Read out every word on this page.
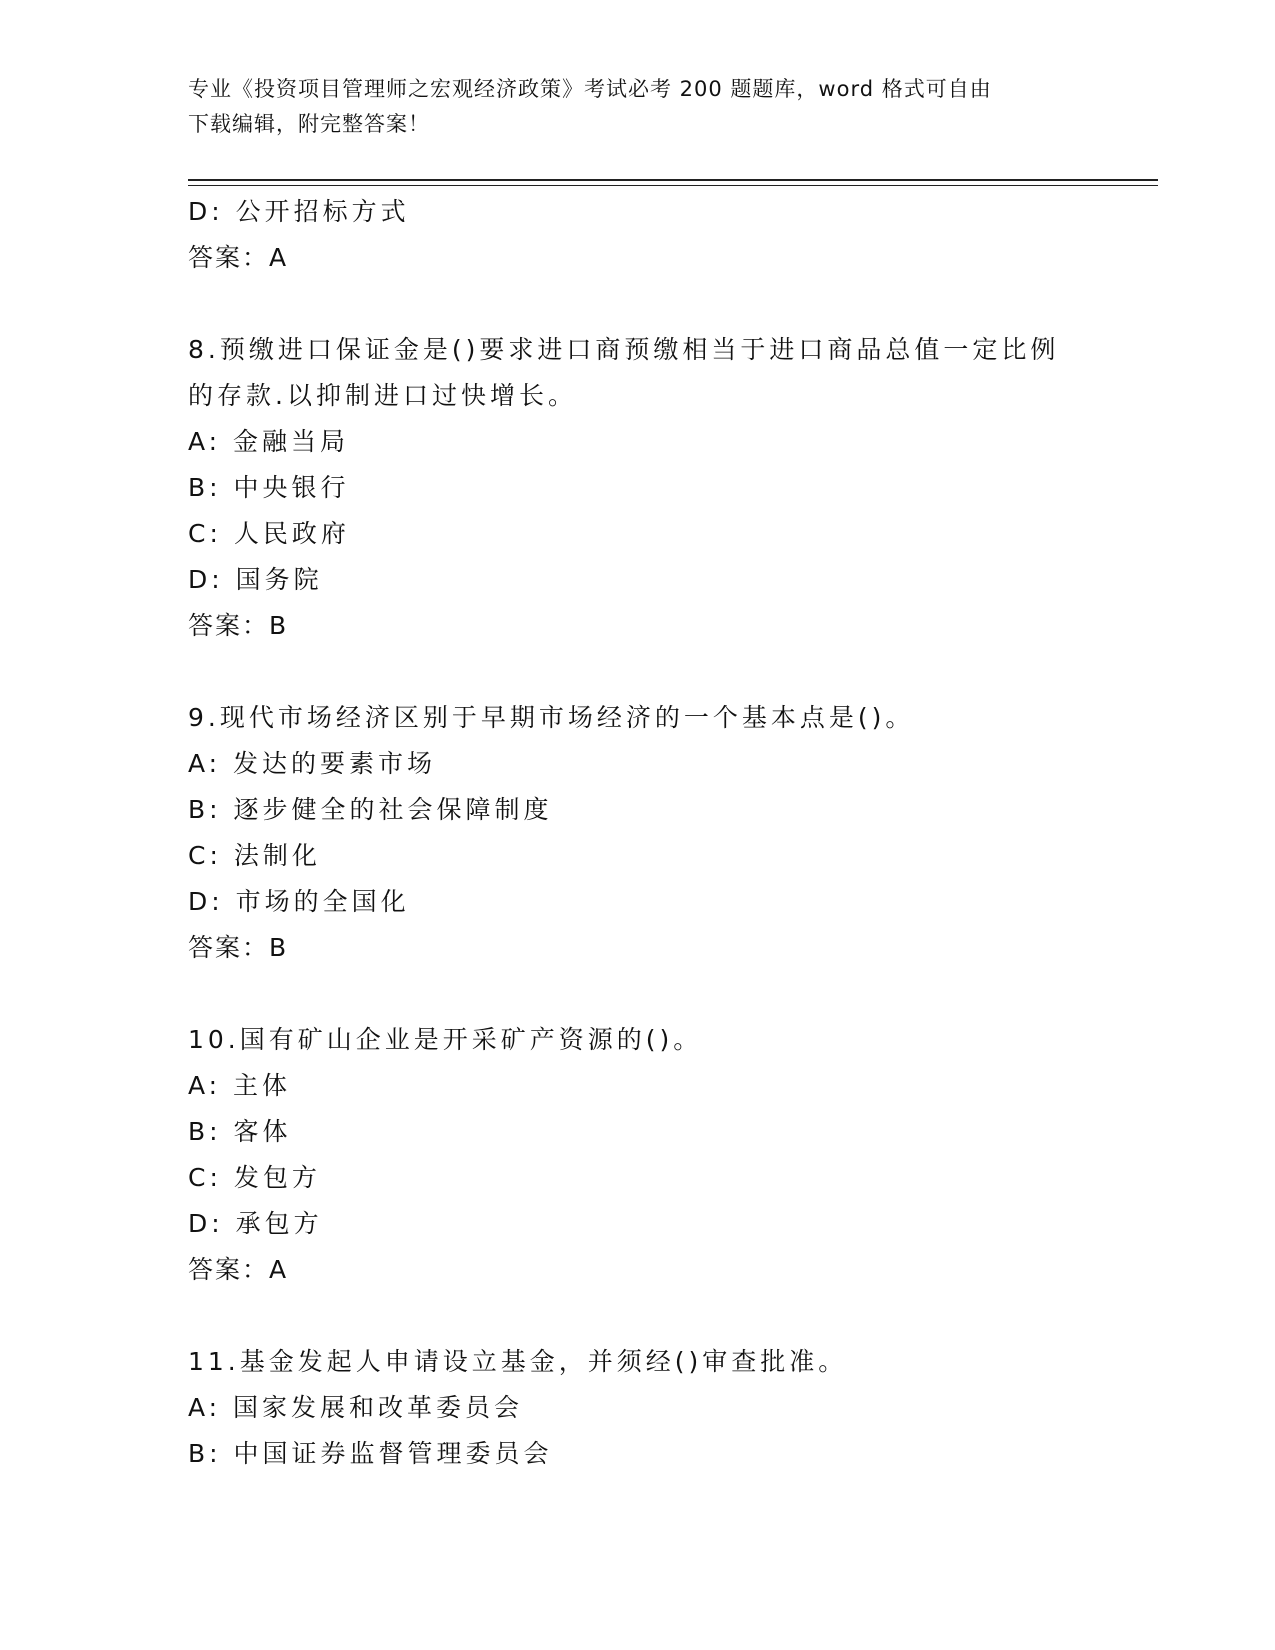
专业《投资项目管理师之宏观经济政策》考试必考 200 题题库，word 格式可自由
下载编辑，附完整答案！
D: 公开招标方式
答案：A
8.预缴进口保证金是()要求进口商预缴相当于进口商品总值一定比例
的存款.以抑制进口过快增长。
A: 金融当局
B: 中央银行
C: 人民政府
D: 国务院
答案：B
9.现代市场经济区别于早期市场经济的一个基本点是()。
A: 发达的要素市场
B: 逐步健全的社会保障制度
C: 法制化
D: 市场的全国化
答案：B
10.国有矿山企业是开采矿产资源的()。
A: 主体
B: 客体
C: 发包方
D: 承包方
答案：A
11.基金发起人申请设立基金，并须经()审查批准。
A: 国家发展和改革委员会
B: 中国证券监督管理委员会
